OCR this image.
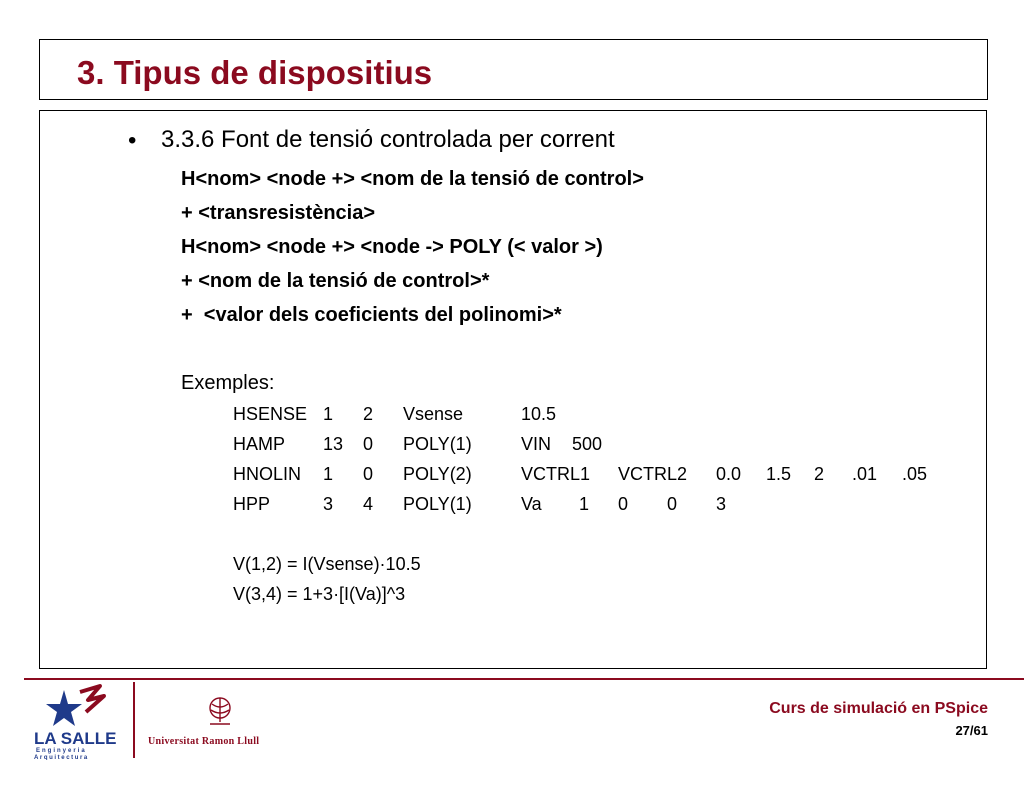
3. Tipus de dispositius
• 3.3.6 Font de tensió controlada per corrent
H<nom> <node +> <nom de la tensió de control>
+ <transresistència>
H<nom> <node +> <node -> POLY (< valor >)
+ <nom de la tensió de control>*
+  <valor dels coeficients del polinomi>*
Exemples:
HSENSE 1 2 Vsense	10.5
HAMP 13 0 POLY(1)	VIN 500
HNOLIN 1 0 POLY(2)	VCTRL1 VCTRL2 0.0 1.5 2 .01 .05
HPP	3 4 POLY(1)	Va 1 0 0 3
V(1,2) = I(Vsense)·10.5
V(3,4) = 1+3·[I(Va)]^3
LA SALLE
Enginyeria
Arquitectura
Universitat Ramon Llull
Curs de simulació en PSpice
27/61
